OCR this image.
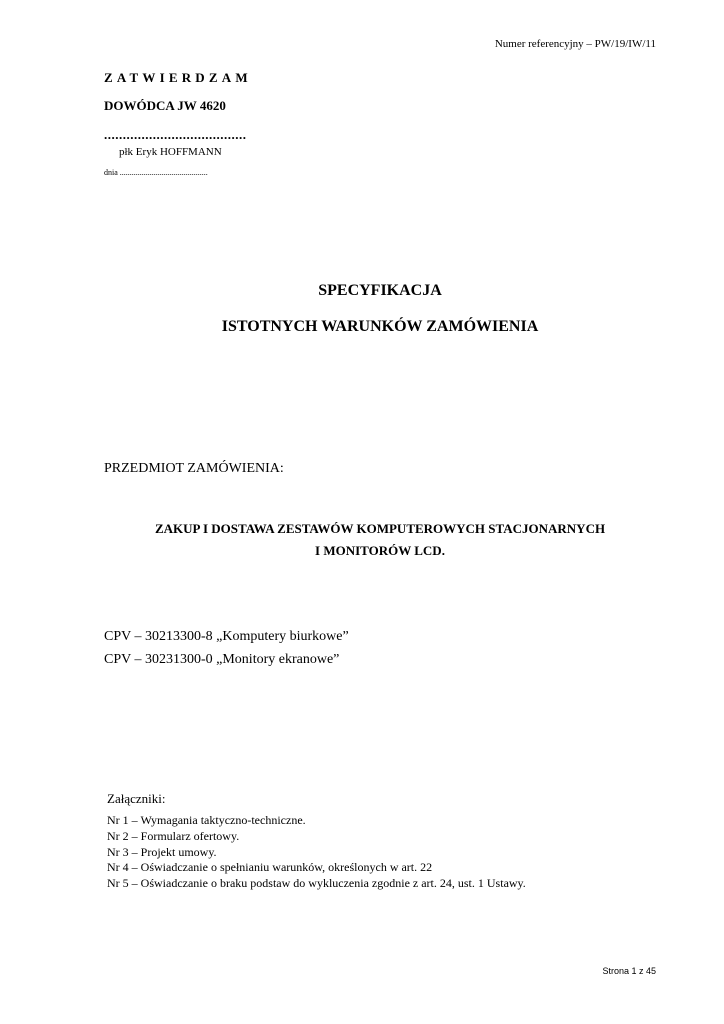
Numer referencyjny – PW/19/IW/11
ZATWIERDZAM
DOWÓDCA JW 4620
......................................
płk Eryk HOFFMANN
dnia ............................................
SPECYFIKACJA
ISTOTNYCH WARUNKÓW ZAMÓWIENIA
PRZEDMIOT ZAMÓWIENIA:
ZAKUP I DOSTAWA ZESTAWÓW KOMPUTEROWYCH STACJONARNYCH
I MONITORÓW LCD.
CPV – 30213300-8 „Komputery biurkowe”
CPV – 30231300-0 „Monitory ekranowe”
Załączniki:
Nr 1 – Wymagania taktyczno-techniczne.
Nr 2 – Formularz ofertowy.
Nr 3 – Projekt umowy.
Nr 4 – Oświadczanie o spełnianiu warunków, określonych w art. 22
Nr 5 – Oświadczanie o braku podstaw do wykluczenia zgodnie z art. 24, ust. 1 Ustawy.
Strona 1 z 45
